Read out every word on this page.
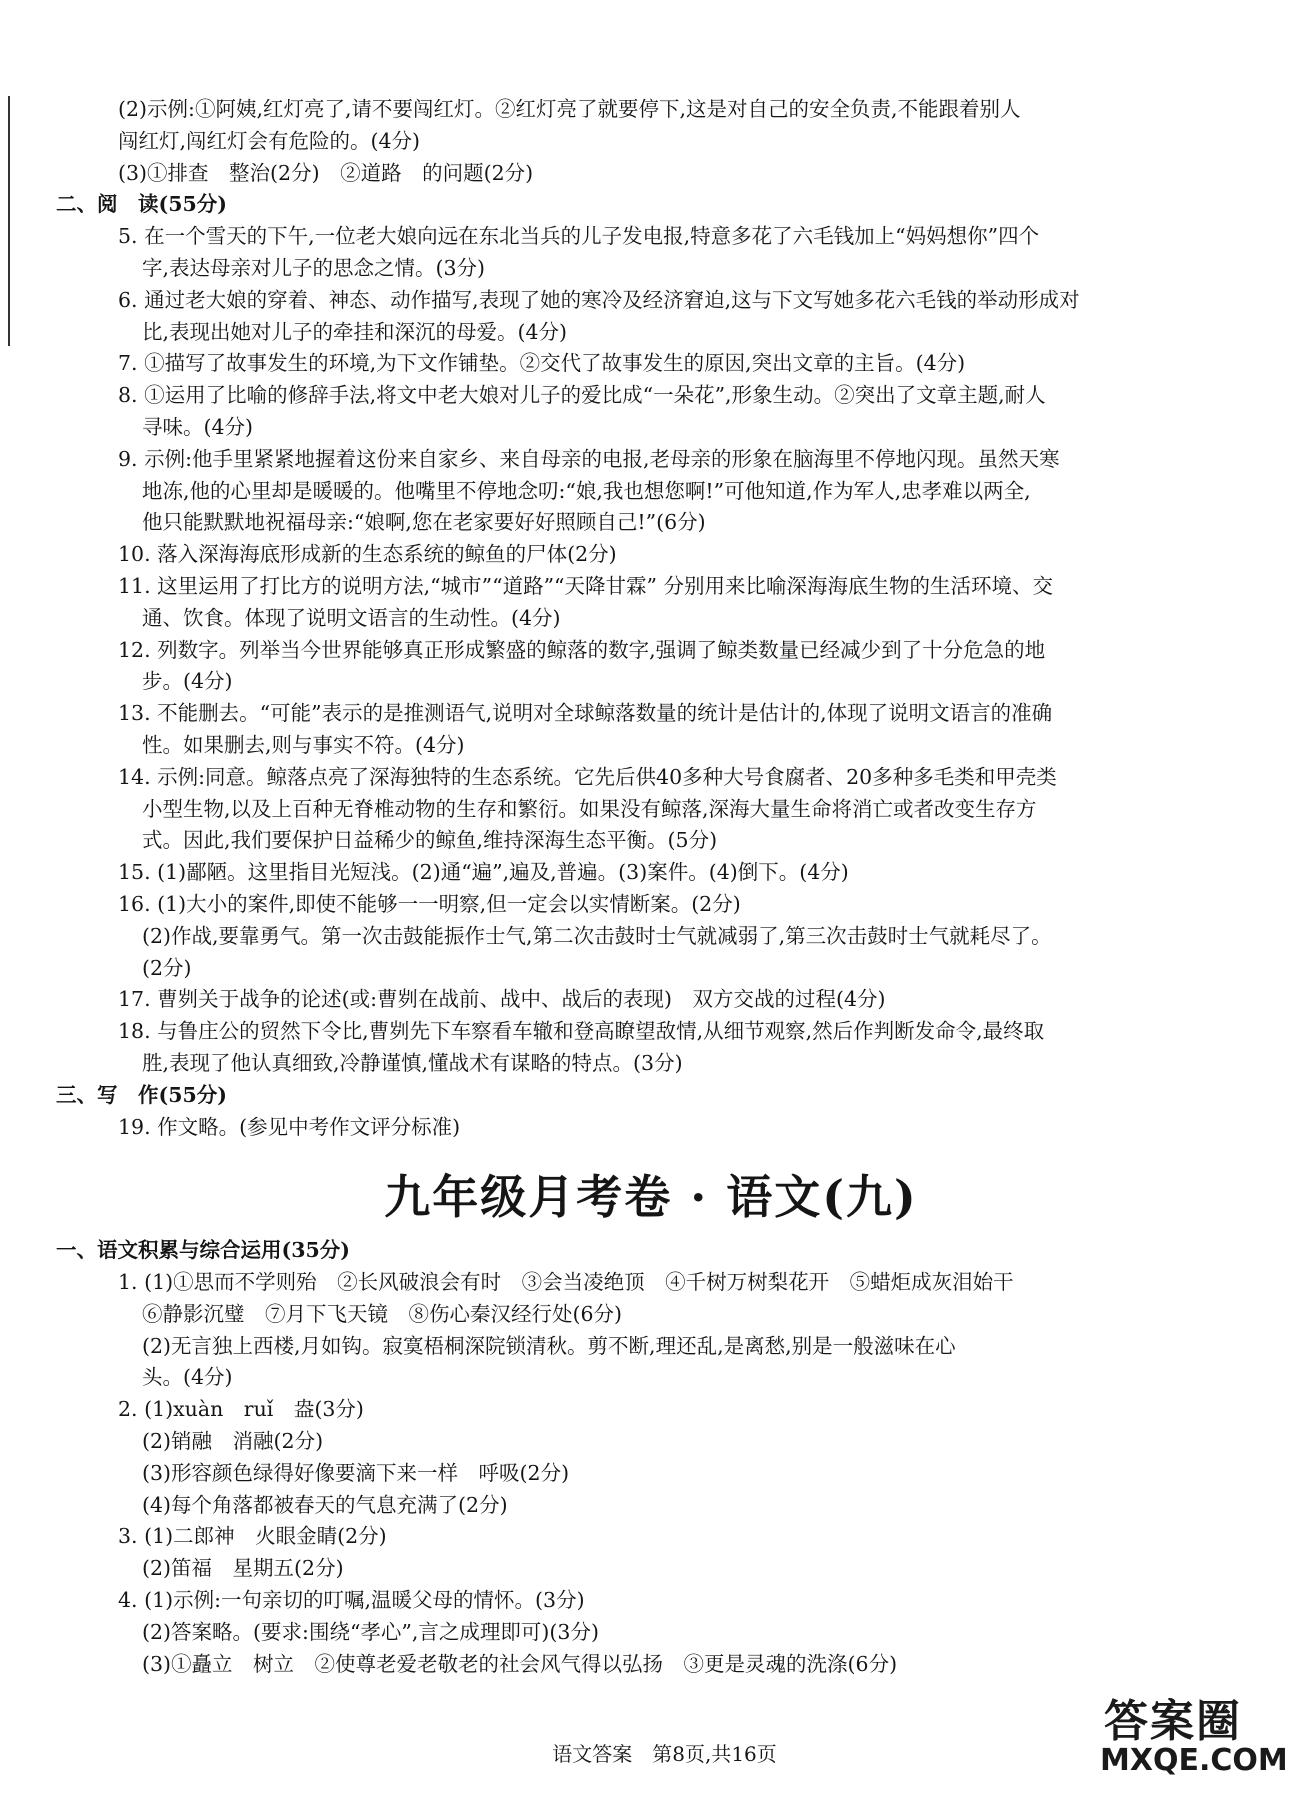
(2)示例:①阿姨,红灯亮了,请不要闯红灯。②红灯亮了就要停下,这是对自己的安全负责,不能跟着别人
闯红灯,闯红灯会有危险的。(4分)
(3)①排查　整治(2分)　②道路　的问题(2分)
二、阅　读(55分)
5. 在一个雪天的下午,一位老大娘向远在东北当兵的儿子发电报,特意多花了六毛钱加上“妈妈想你”四个
字,表达母亲对儿子的思念之情。(3分)
6. 通过老大娘的穿着、神态、动作描写,表现了她的寒冷及经济窘迫,这与下文写她多花六毛钱的举动形成对
比,表现出她对儿子的牵挂和深沉的母爱。(4分)
7. ①描写了故事发生的环境,为下文作铺垫。②交代了故事发生的原因,突出文章的主旨。(4分)
8. ①运用了比喻的修辞手法,将文中老大娘对儿子的爱比成“一朵花”,形象生动。②突出了文章主题,耐人
寻味。(4分)
9. 示例:他手里紧紧地握着这份来自家乡、来自母亲的电报,老母亲的形象在脑海里不停地闪现。虽然天寒
地冻,他的心里却是暖暖的。他嘴里不停地念叨:“娘,我也想您啊!”可他知道,作为军人,忠孝难以两全,
他只能默默地祝福母亲:“娘啊,您在老家要好好照顾自己!”(6分)
10. 落入深海海底形成新的生态系统的鲸鱼的尸体(2分)
11. 这里运用了打比方的说明方法,“城市”“道路”“天降甘霖” 分别用来比喻深海海底生物的生活环境、交
通、饮食。体现了说明文语言的生动性。(4分)
12. 列数字。列举当今世界能够真正形成繁盛的鲸落的数字,强调了鲸类数量已经减少到了十分危急的地
步。(4分)
13. 不能删去。“可能”表示的是推测语气,说明对全球鲸落数量的统计是估计的,体现了说明文语言的准确
性。如果删去,则与事实不符。(4分)
14. 示例:同意。鲸落点亮了深海独特的生态系统。它先后供40多种大号食腐者、20多种多毛类和甲壳类
小型生物,以及上百种无脊椎动物的生存和繁衍。如果没有鲸落,深海大量生命将消亡或者改变生存方
式。因此,我们要保护日益稀少的鲸鱼,维持深海生态平衡。(5分)
15. (1)鄙陋。这里指目光短浅。(2)通“遍”,遍及,普遍。(3)案件。(4)倒下。(4分)
16. (1)大小的案件,即使不能够一一明察,但一定会以实情断案。(2分)
(2)作战,要靠勇气。第一次击鼓能振作士气,第二次击鼓时士气就减弱了,第三次击鼓时士气就耗尽了。
(2分)
17. 曹刿关于战争的论述(或:曹刿在战前、战中、战后的表现)　双方交战的过程(4分)
18. 与鲁庄公的贸然下令比,曹刿先下车察看车辙和登高瞭望敌情,从细节观察,然后作判断发命令,最终取
胜,表现了他认真细致,冷静谨慎,懂战术有谋略的特点。(3分)
三、写　作(55分)
19. 作文略。(参见中考作文评分标准)
九年级月考卷 · 语文(九)
一、语文积累与综合运用(35分)
1. (1)①思而不学则殆　②长风破浪会有时　③会当凌绝顶　④千树万树梨花开　⑤蜡炬成灰泪始干
⑥静影沉璧　⑦月下飞天镜　⑧伤心秦汉经行处(6分)
(2)无言独上西楼,月如钩。寂寞梧桐深院锁清秋。剪不断,理还乱,是离愁,别是一般滋味在心
头。(4分)
2. (1)xuàn　ruǐ　盎(3分)
(2)销融　消融(2分)
(3)形容颜色绿得好像要滴下来一样　呼吸(2分)
(4)每个角落都被春天的气息充满了(2分)
3. (1)二郎神　火眼金睛(2分)
(2)笛福　星期五(2分)
4. (1)示例:一句亲切的叮嘱,温暖父母的情怀。(3分)
(2)答案略。(要求:围绕“孝心”,言之成理即可)(3分)
(3)①矗立　树立　②使尊老爱老敬老的社会风气得以弘扬　③更是灵魂的洗涤(6分)
语文答案　第8页,共16页
答案圈
MXQE.COM
